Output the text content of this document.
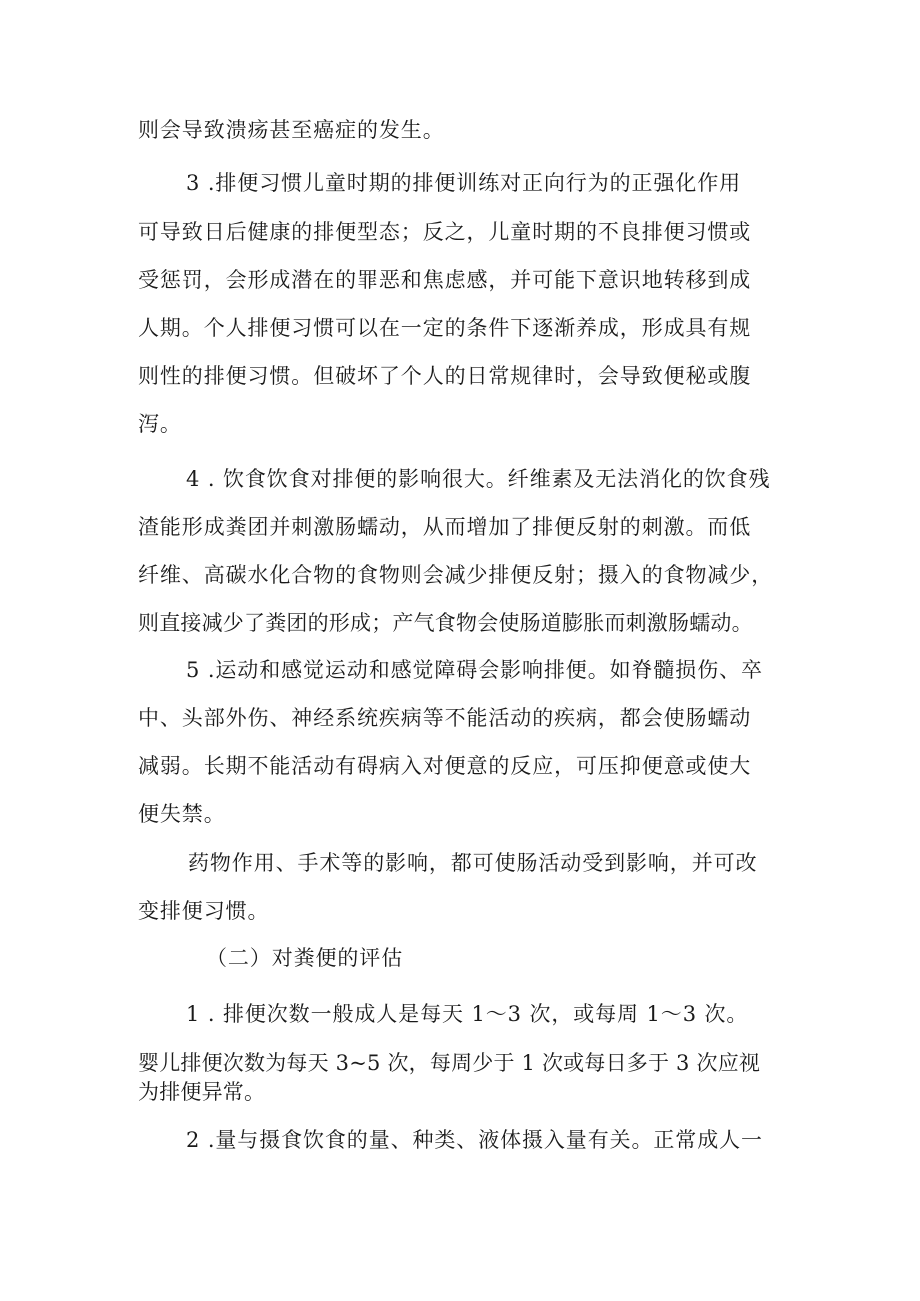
则会导致溃疡甚至癌症的发生。

3 .排便习惯儿童时期的排便训练对正向行为的正强化作用

可导致日后健康的排便型态；反之，儿童时期的不良排便习惯或

受惩罚，会形成潜在的罪恶和焦虑感，并可能下意识地转移到成

人期。个人排便习惯可以在一定的条件下逐渐养成，形成具有规

则性的排便习惯。但破坏了个人的日常规律时，会导致便秘或腹

泻。

4 . 饮食饮食对排便的影响很大。纤维素及无法消化的饮食残

渣能形成粪团并刺激肠蠕动，从而增加了排便反射的刺激。而低

纤维、高碳水化合物的食物则会减少排便反射；摄入的食物减少，

则直接减少了粪团的形成；产气食物会使肠道膨胀而刺激肠蠕动。

5 .运动和感觉运动和感觉障碍会影响排便。如脊髓损伤、卒

中、头部外伤、神经系统疾病等不能活动的疾病，都会使肠蠕动

减弱。长期不能活动有碍病入对便意的反应，可压抑便意或使大

便失禁。

药物作用、手术等的影响，都可使肠活动受到影响，并可改

变排便习惯。

（二）对粪便的评估

1 . 排便次数一般成人是每天 1～3 次，或每周 1～3 次。

婴儿排便次数为每天 3~5 次，每周少于 1 次或每日多于 3 次应视

为排便异常。

2 .量与摄食饮食的量、种类、液体摄入量有关。正常成人一
